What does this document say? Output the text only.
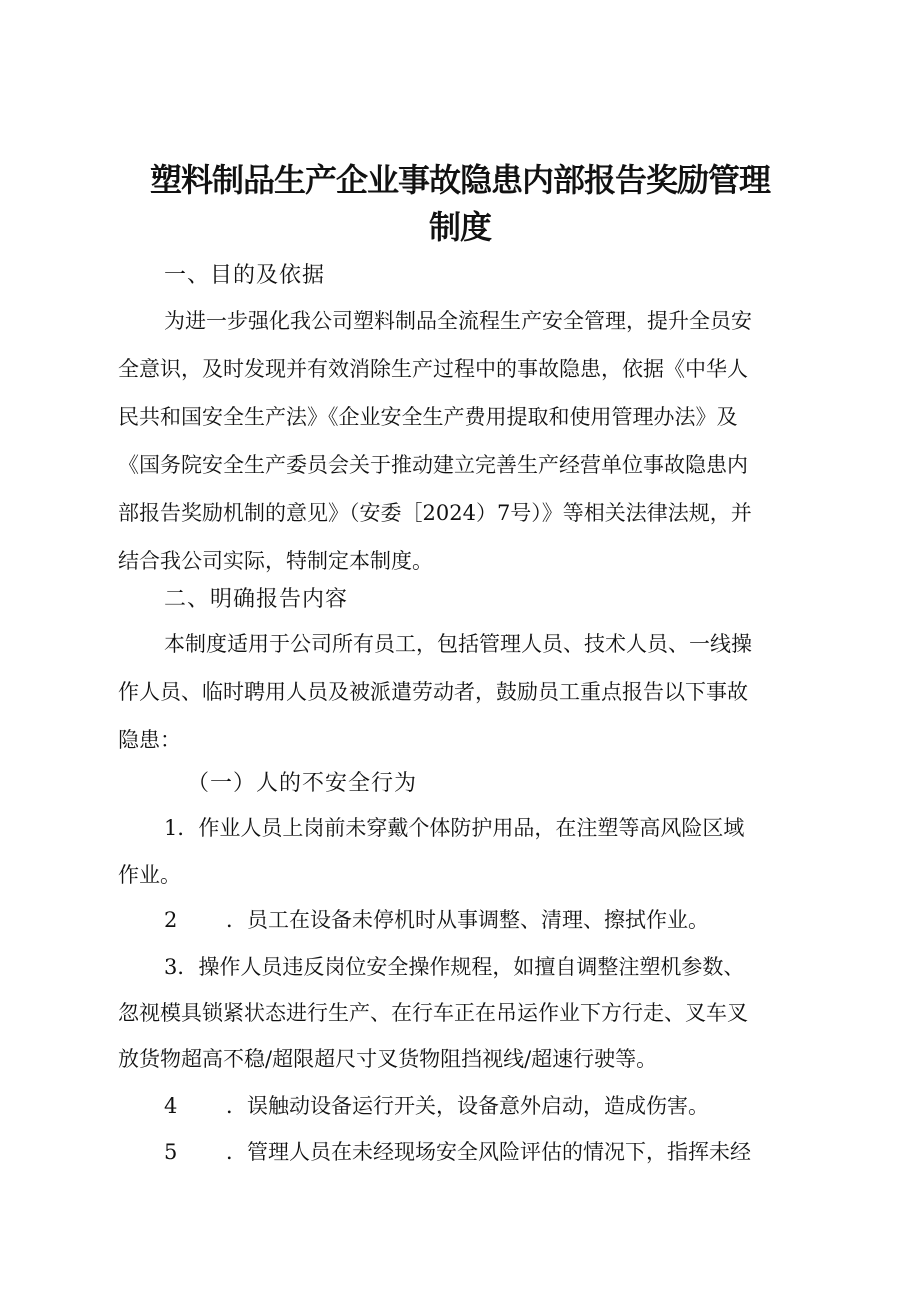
塑料制品生产企业事故隐患内部报告奖励管理
制度
一、目的及依据
为进一步强化我公司塑料制品全流程生产安全管理，提升全员安
全意识，及时发现并有效消除生产过程中的事故隐患，依据《中华人
民共和国安全生产法》《企业安全生产费用提取和使用管理办法》及
《国务院安全生产委员会关于推动建立完善生产经营单位事故隐患内
部报告奖励机制的意见》（安委［2024）7号）》等相关法律法规，并
结合我公司实际，特制定本制度。
二、明确报告内容
本制度适用于公司所有员工，包括管理人员、技术人员、一线操
作人员、临时聘用人员及被派遣劳动者，鼓励员工重点报告以下事故
隐患：
（一）人的不安全行为
1．作业人员上岗前未穿戴个体防护用品，在注塑等高风险区域
作业。
2 ．员工在设备未停机时从事调整、清理、擦拭作业。
3．操作人员违反岗位安全操作规程，如擅自调整注塑机参数、
忽视模具锁紧状态进行生产、在行车正在吊运作业下方行走、叉车叉
放货物超高不稳/超限超尺寸叉货物阻挡视线/超速行驶等。
4 ．误触动设备运行开关，设备意外启动，造成伤害。
5 ．管理人员在未经现场安全风险评估的情况下，指挥未经
